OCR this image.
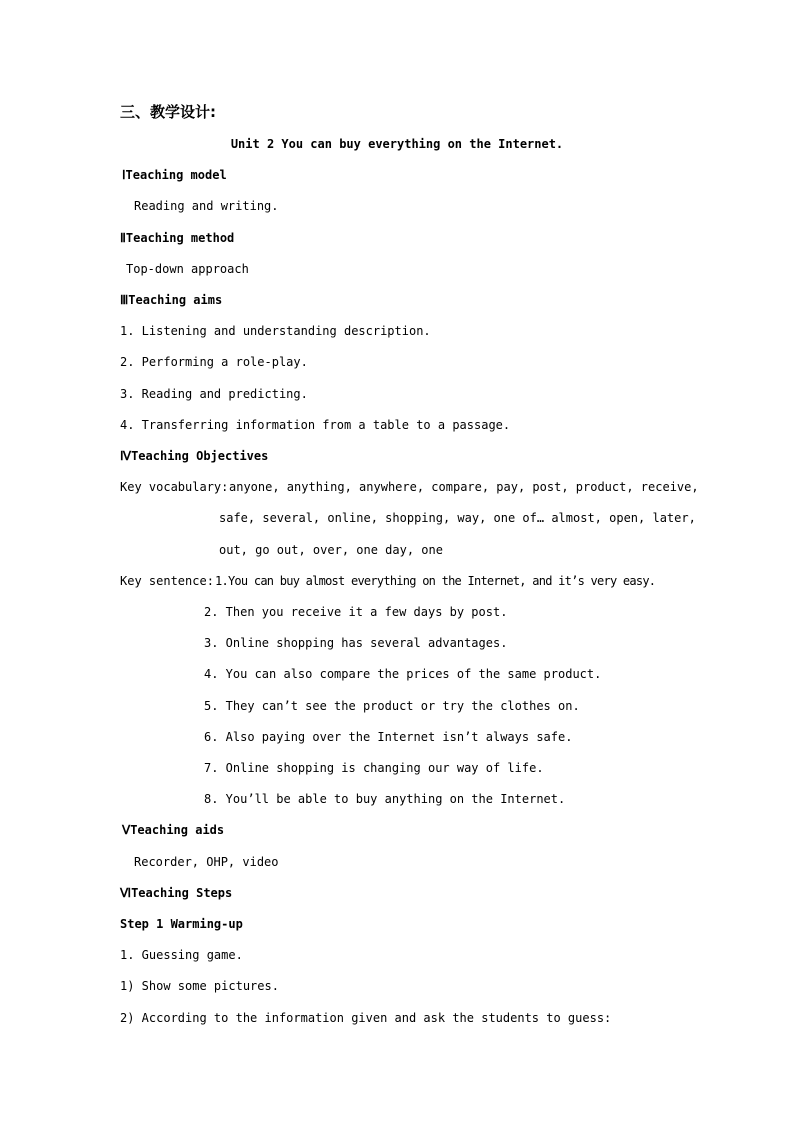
三、教学设计:
Unit 2 You can buy everything on the Internet.
ⅠTeaching model
Reading and writing.
ⅡTeaching method
Top-down approach
ⅢTeaching aims
1. Listening and understanding description.
2. Performing a role-play.
3. Reading and predicting.
4. Transferring information from a table to a passage.
ⅣTeaching Objectives
Key vocabulary: anyone, anything, anywhere, compare, pay, post, product, receive,
safe, several, online, shopping, way, one of… almost, open, later,
out, go out, over, one day, one
Key sentence: 1.You can buy almost everything on the Internet, and it’s very easy.
2. Then you receive it a few days by post.
3. Online shopping has several advantages.
4. You can also compare the prices of the same product.
5. They can’t see the product or try the clothes on.
6. Also paying over the Internet isn’t always safe.
7. Online shopping is changing our way of life.
8. You’ll be able to buy anything on the Internet.
ⅤTeaching aids
Recorder, OHP, video
ⅥTeaching Steps
Step 1 Warming-up
1. Guessing game.
1) Show some pictures.
2) According to the information given and ask the students to guess:
